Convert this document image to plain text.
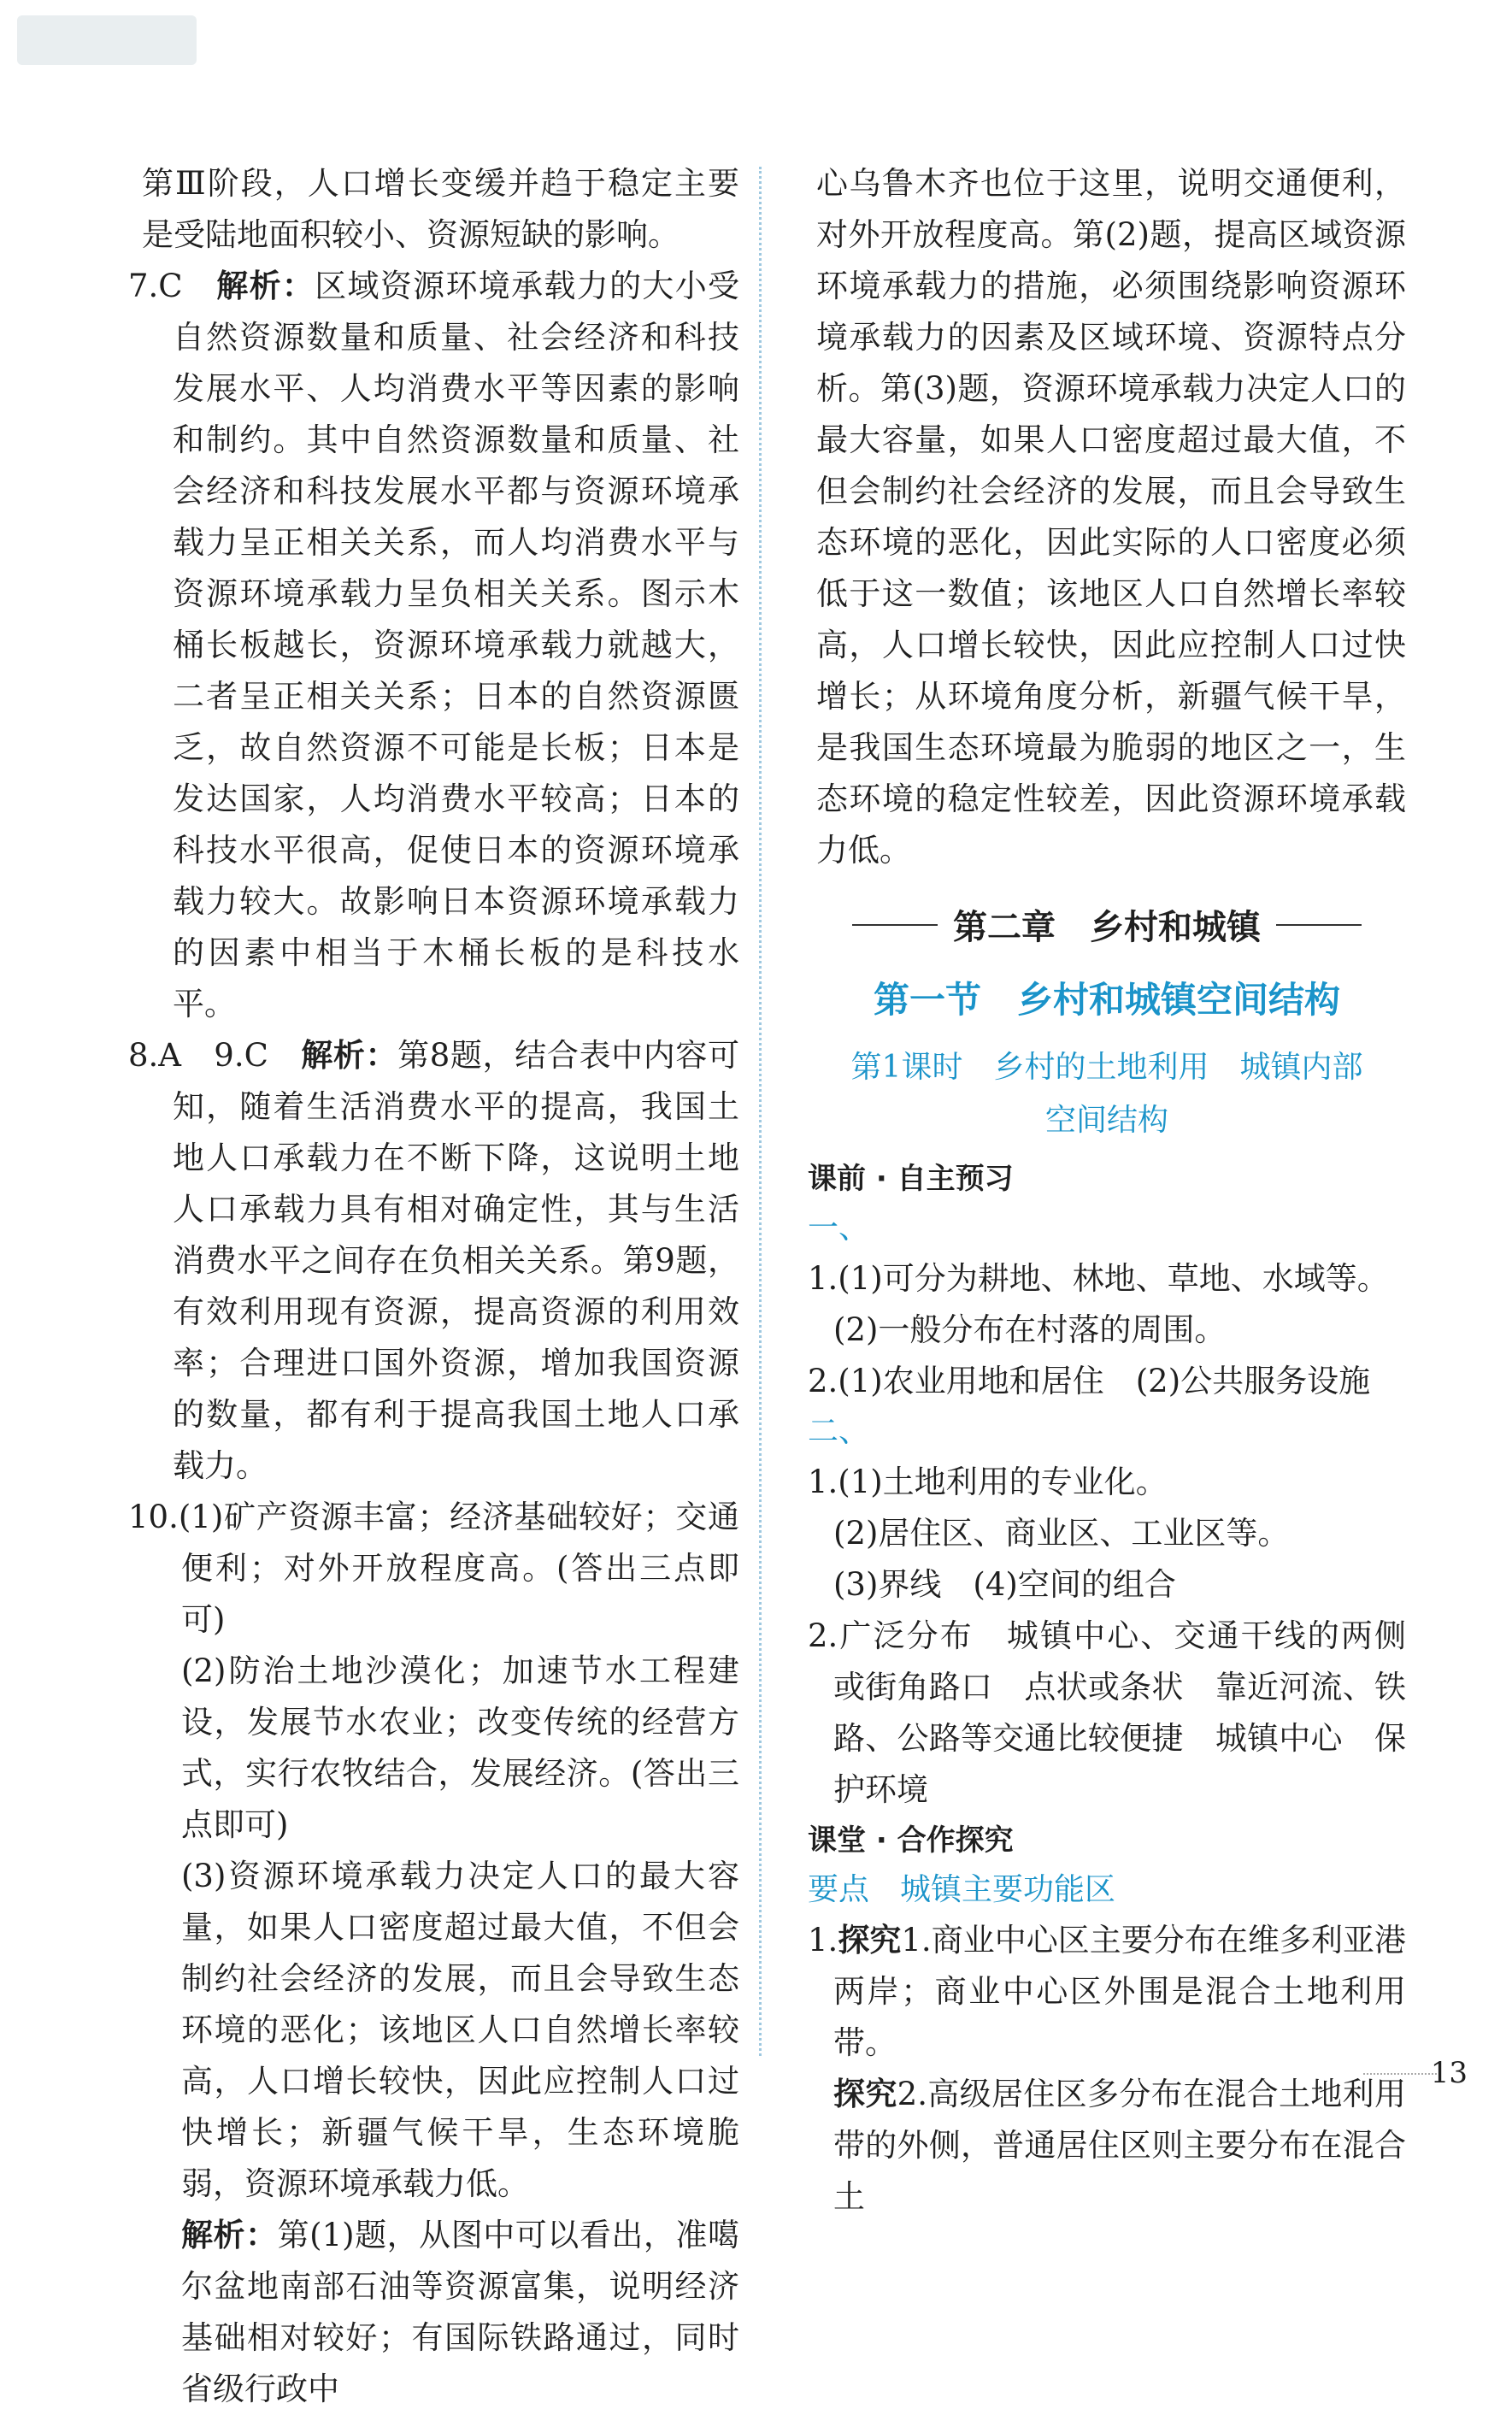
第Ⅲ阶段，人口增长变缓并趋于稳定主要是受陆地面积较小、资源短缺的影响。

7.C　 解析：区域资源环境承载力的大小受自然资源数量和质量、社会经济和科技发展水平、人均消费水平等因素的影响和制约。其中自然资源数量和质量、社会经济和科技发展水平都与资源环境承载力呈正相关关系，而人均消费水平与资源环境承载力呈负相关关系。图示木桶长板越长，资源环境承载力就越大，二者呈正相关关系；日本的自然资源匮乏，故自然资源不可能是长板；日本是发达国家，人均消费水平较高；日本的科技水平很高，促使日本的资源环境承载力较大。故影响日本资源环境承载力的因素中相当于木桶长板的是科技水平。

8.A　9.C　 解析：第8题，结合表中内容可知，随着生活消费水平的提高，我国土地人口承载力在不断下降，这说明土地人口承载力具有相对确定性，其与生活消费水平之间存在负相关关系。第9题，有效利用现有资源，提高资源的利用效率；合理进口国外资源，增加我国资源的数量，都有利于提高我国土地人口承载力。

10.(1)矿产资源丰富；经济基础较好；交通便利；对外开放程度高。(答出三点即可)

(2)防治土地沙漠化；加速节水工程建设，发展节水农业；改变传统的经营方式，实行农牧结合，发展经济。(答出三点即可)

(3)资源环境承载力决定人口的最大容量，如果人口密度超过最大值，不但会制约社会经济的发展，而且会导致生态环境的恶化；该地区人口自然增长率较高，人口增长较快，因此应控制人口过快增长；新疆气候干旱，生态环境脆弱，资源环境承载力低。

解析：第(1)题，从图中可以看出，准噶尔盆地南部石油等资源富集，说明经济基础相对较好；有国际铁路通过，同时省级行政中

心乌鲁木齐也位于这里，说明交通便利，对外开放程度高。第(2)题，提高区域资源环境承载力的措施，必须围绕影响资源环境承载力的因素及区域环境、资源特点分析。第(3)题，资源环境承载力决定人口的最大容量，如果人口密度超过最大值，不但会制约社会经济的发展，而且会导致生态环境的恶化，因此实际的人口密度必须低于这一数值；该地区人口自然增长率较高，人口增长较快，因此应控制人口过快增长；从环境角度分析，新疆气候干旱，是我国生态环境最为脆弱的地区之一，生态环境的稳定性较差，因此资源环境承载力低。

第二章　乡村和城镇
第一节　乡村和城镇空间结构
第1课时　乡村的土地利用　城镇内部
空间结构

课前 · 自主预习

一、

1.(1)可分为耕地、林地、草地、水域等。

(2)一般分布在村落的周围。

2.(1)农业用地和居住　(2)公共服务设施

二、

1.(1)土地利用的专业化。

(2)居住区、商业区、工业区等。

(3)界线　(4)空间的组合

2.广泛分布　城镇中心、交通干线的两侧或街角路口　点状或条状　靠近河流、铁路、公路等交通比较便捷　城镇中心　保护环境

课堂 · 合作探究

要点　城镇主要功能区

1.探究1.商业中心区主要分布在维多利亚港两岸；商业中心区外围是混合土地利用带。

探究2.高级居住区多分布在混合土地利用带的外侧，普通居住区则主要分布在混合土

13
